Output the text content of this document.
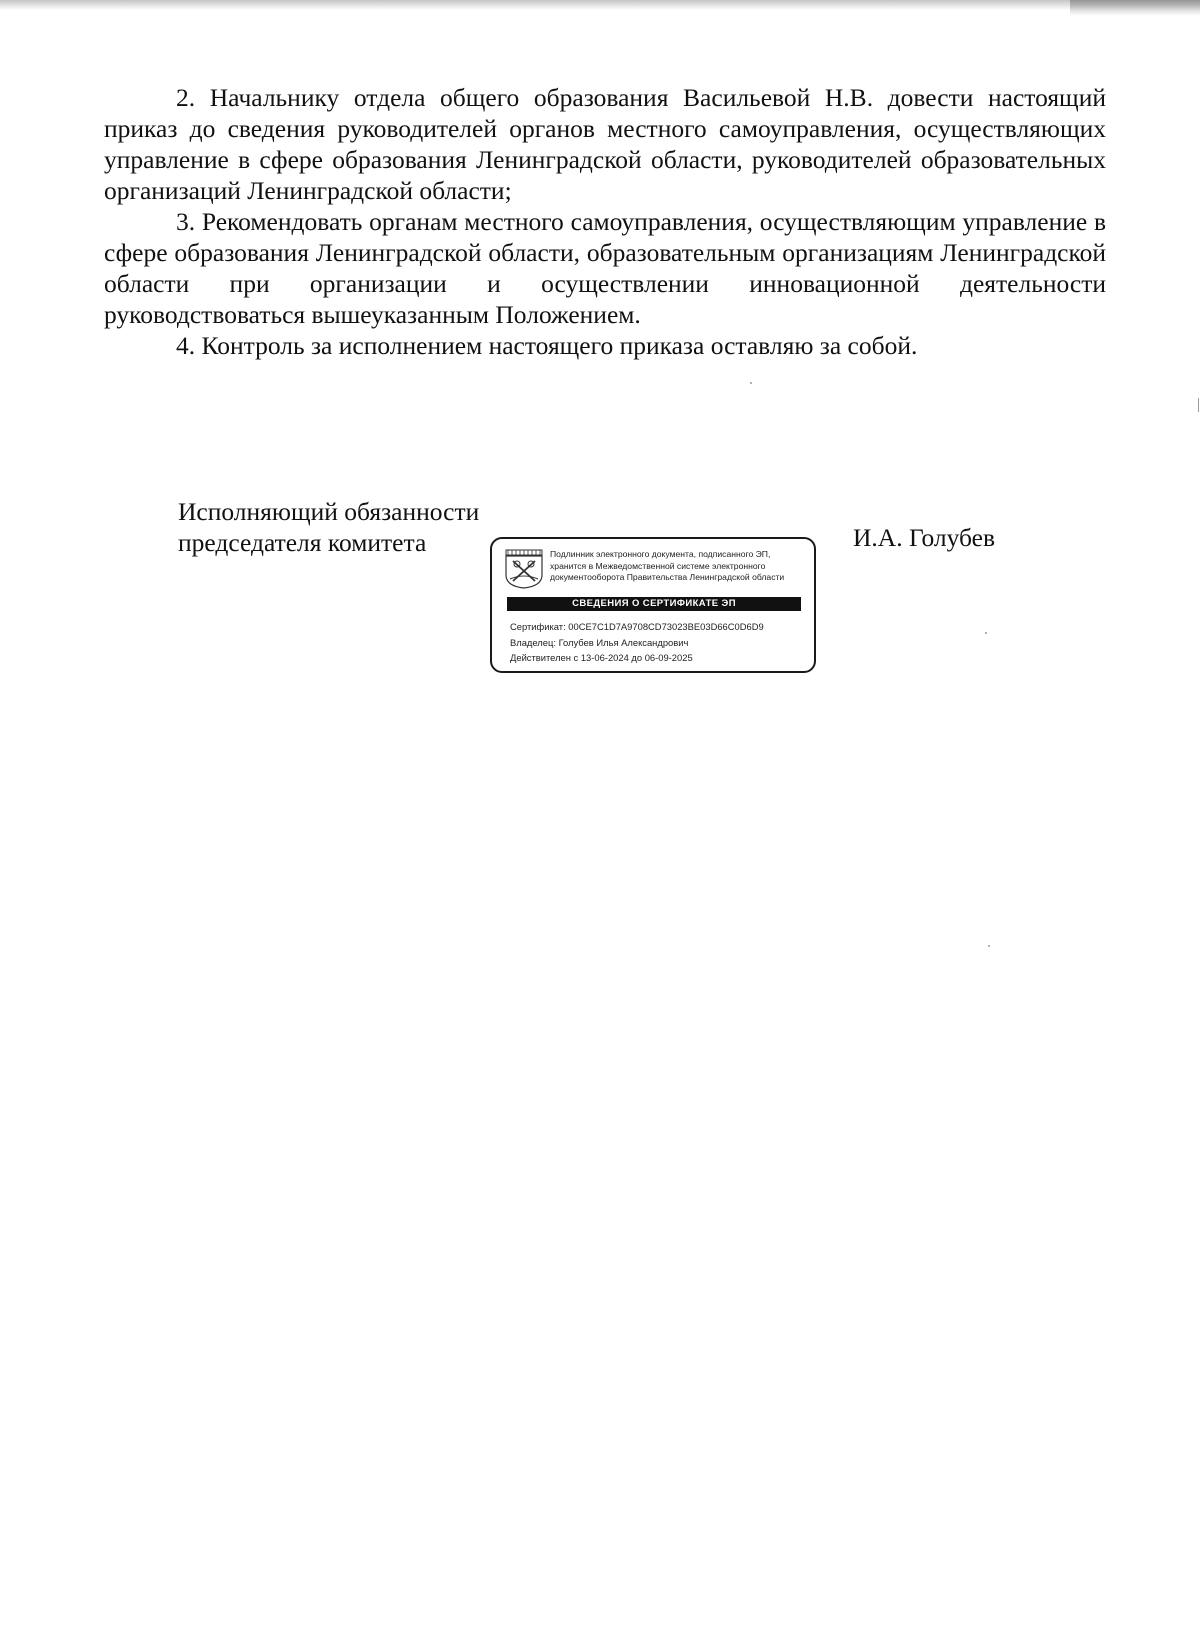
2. Начальнику отдела общего образования Васильевой Н.В. довести настоящий приказ до сведения руководителей органов местного самоуправления, осуществляющих управление в сфере образования Ленинградской области, руководителей образовательных организаций Ленинградской области;

3. Рекомендовать органам местного самоуправления, осуществляющим управление в сфере образования Ленинградской области, образовательным организациям Ленинградской области при организации и осуществлении инновационной деятельности руководствоваться вышеуказанным Положением.

4. Контроль за исполнением настоящего приказа оставляю за собой.

Исполняющий обязанности
председателя комитета	И.А. Голубев
Подлинник электронного документа, подписанного ЭП,
хранится в Межведомственной системе электронного
документооборота Правительства Ленинградской области
СВЕДЕНИЯ О СЕРТИФИКАТЕ ЭП
Сертификат: 00CE7C1D7A9708CD73023BE03D66C0D6D9
Владелец: Голубев Илья Александрович
Действителен с 13-06-2024 до 06-09-2025
